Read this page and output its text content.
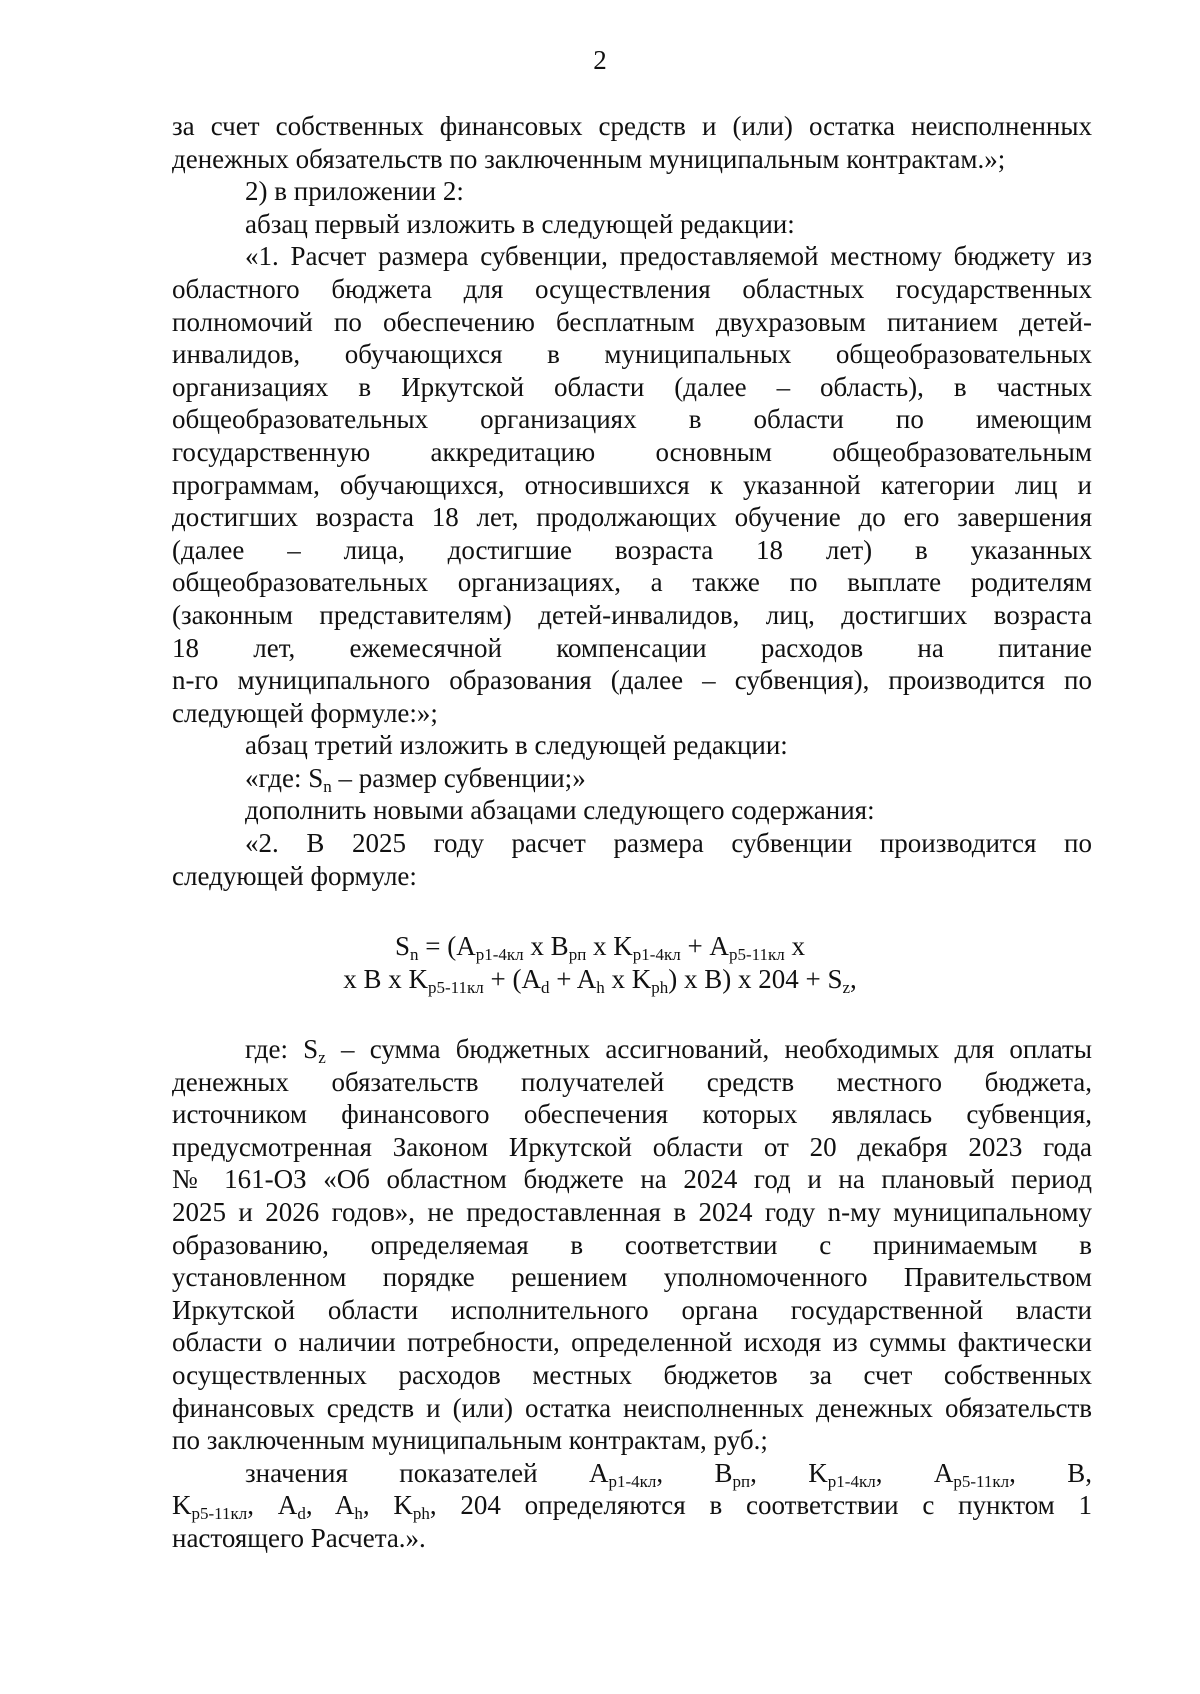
2

за счет собственных финансовых средств и (или) остатка неисполненных

денежных обязательств по заключенным муниципальным контрактам.»;

2) в приложении 2:

абзац первый изложить в следующей редакции:

«1. Расчет размера субвенции, предоставляемой местному бюджету из

областного бюджета для осуществления областных государственных

полномочий по обеспечению бесплатным двухразовым питанием детей-

инвалидов, обучающихся в муниципальных общеобразовательных

организациях в Иркутской области (далее – область), в частных

общеобразовательных организациях в области по имеющим

государственную аккредитацию основным общеобразовательным

программам, обучающихся, относившихся к указанной категории лиц и

достигших возраста 18 лет, продолжающих обучение до его завершения

(далее – лица, достигшие возраста 18 лет) в указанных

общеобразовательных организациях, а также по выплате родителям

(законным представителям) детей-инвалидов, лиц, достигших возраста

18 лет, ежемесячной компенсации расходов на питание

n-го муниципального образования (далее – субвенция), производится по

следующей формуле:»;

абзац третий изложить в следующей редакции:

«где: $S_n$ – размер субвенции;»

дополнить новыми абзацами следующего содержания:

«2. В 2025 году расчет размера субвенции производится по

следующей формуле:

$S_n = (A_{p1-4кл}$ x $B_{рп}$ x $K_{p1-4кл} + A_{p5-11кл}$ x

x B x $K_{p5-11кл} + (A_d + A_h$ x $K_{ph}$) x B) x $204 + S_z$,

где: $S_z$ – сумма бюджетных ассигнований, необходимых для оплаты

денежных обязательств получателей средств местного бюджета,

источником финансового обеспечения которых являлась субвенция,

предусмотренная Законом Иркутской области от 20 декабря 2023 года

№ 161-ОЗ «Об областном бюджете на 2024 год и на плановый период

2025 и 2026 годов», не предоставленная в 2024 году n-му муниципальному

образованию, определяемая в соответствии с принимаемым в

установленном порядке решением уполномоченного Правительством

Иркутской области исполнительного органа государственной власти

области о наличии потребности, определенной исходя из суммы фактически

осуществленных расходов местных бюджетов за счет собственных

финансовых средств и (или) остатка неисполненных денежных обязательств

по заключенным муниципальным контрактам, руб.;

значения показателей $A_{p1-4кл}$, $B_{рп}$, $K_{p1-4кл}$, $A_{p5-11кл}$, B,

$K_{p5-11кл}$, $A_d$, $A_h$, $K_{ph}$, 204 определяются в соответствии с пунктом 1

настоящего Расчета.».
